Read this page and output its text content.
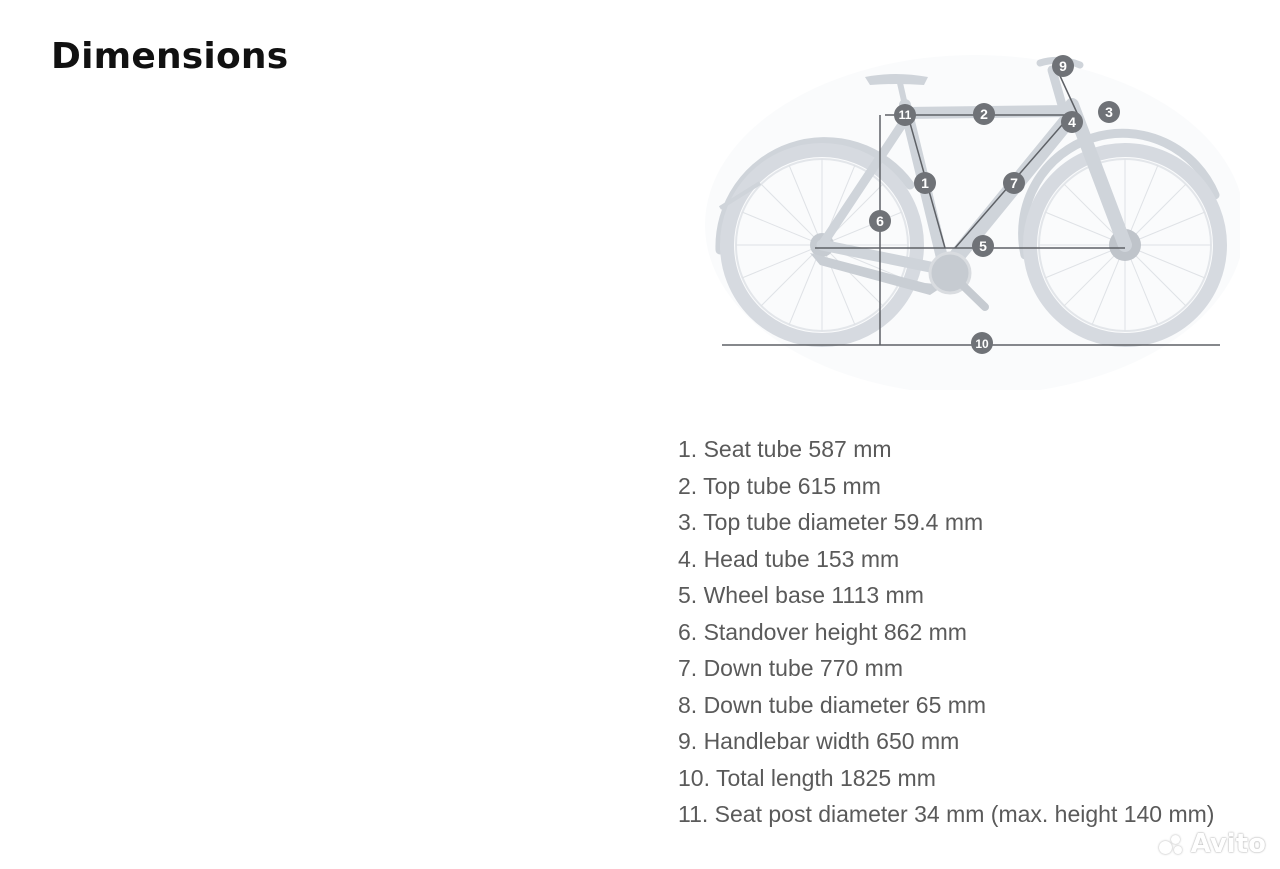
Dimensions
1
2	3
4
5
6
7
9
10
11
1. Seat tube 587 mm
2. Top tube 615 mm
3. Top tube diameter 59.4 mm
4. Head tube 153 mm
5. Wheel base 1113 mm
6. Standover height 862 mm
7. Down tube 770 mm
8. Down tube diameter 65 mm
9. Handlebar width 650 mm
10. Total length 1825 mm
11. Seat post diameter 34 mm (max. height 140 mm)
Avito
